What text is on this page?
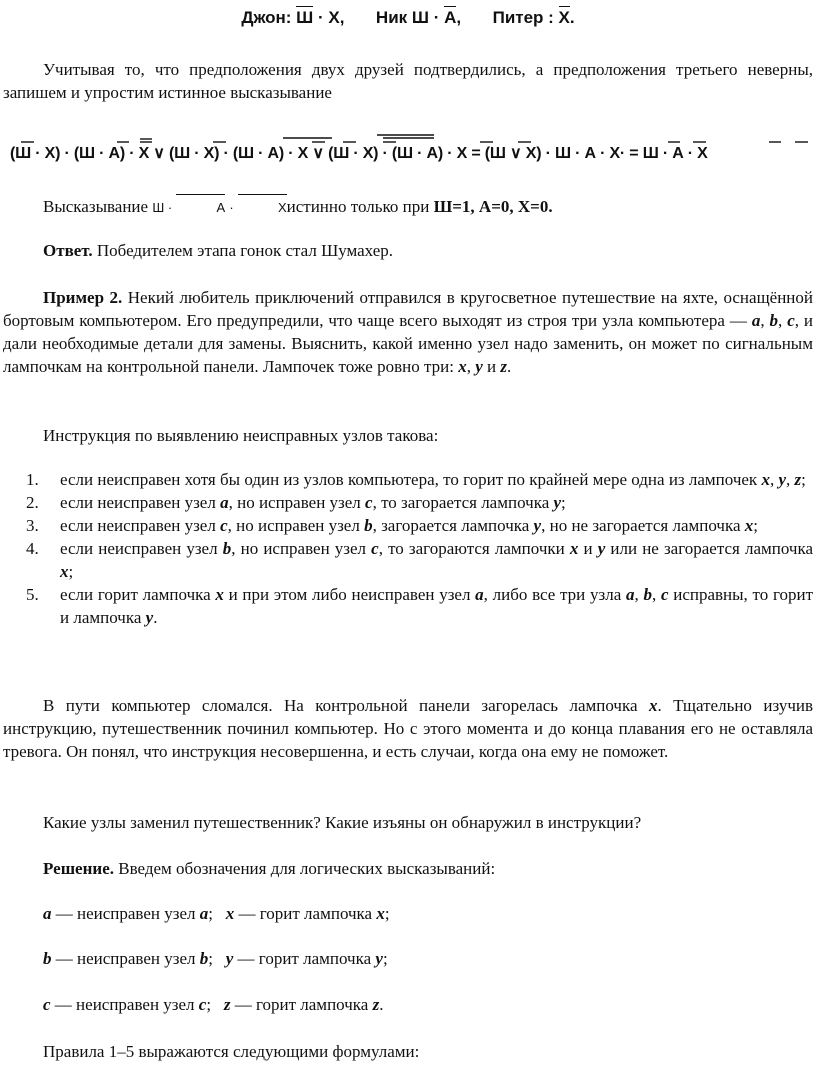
Джон: Ш · Х, Ник Ш · А, Питер : Х.
Учитывая то, что предположения двух друзей подтвердились, а предположения третьего неверны, запишем и упростим истинное высказывание
(Ш · Х) · (Ш · А) · Х ∨ (Ш · Х) · (Ш · А) · Х ∨ (Ш · Х) · (Ш · А) · Х = (Ш ∨ Х) · Ш · А · Х· = Ш · А · Х
Высказывание Ш ·	А ·	Хистинно только при Ш=1, А=0, Х=0.
Ответ. Победителем этапа гонок стал Шумахер.
Пример 2. Некий любитель приключений отправился в кругосветное путешествие на яхте, оснащённой бортовым компьютером. Его предупредили, что чаще всего выходят из строя три узла компьютера — a, b, c, и дали необходимые детали для замены. Выяснить, какой именно узел надо заменить, он может по сигнальным лампочкам на контрольной панели. Лампочек тоже ровно три: x, y и z.
Инструкция по выявлению неисправных узлов такова:
1. если неисправен хотя бы один из узлов компьютера, то горит по крайней мере одна из лампочек x, y, z;
2. если неисправен узел a, но исправен узел c, то загорается лампочка y;
3. если неисправен узел c, но исправен узел b, загорается лампочка y, но не загорается лампочка x;
4. если неисправен узел b, но исправен узел c, то загораются лампочки x и y или не загорается лампочка x;
5. если горит лампочка x и при этом либо неисправен узел a, либо все три узла a, b, c исправны, то горит и лампочка y.
В пути компьютер сломался. На контрольной панели загорелась лампочка x. Тщательно изучив инструкцию, путешественник починил компьютер. Но с этого момента и до конца плавания его не оставляла тревога. Он понял, что инструкция несовершенна, и есть случаи, когда она ему не поможет.
Какие узлы заменил путешественник? Какие изъяны он обнаружил в инструкции?
Решение. Введем обозначения для логических высказываний:
a — неисправен узел a; x — горит лампочка x;
b — неисправен узел b; y — горит лампочка y;
c — неисправен узел c; z — горит лампочка z.
Правила 1–5 выражаются следующими формулами:
